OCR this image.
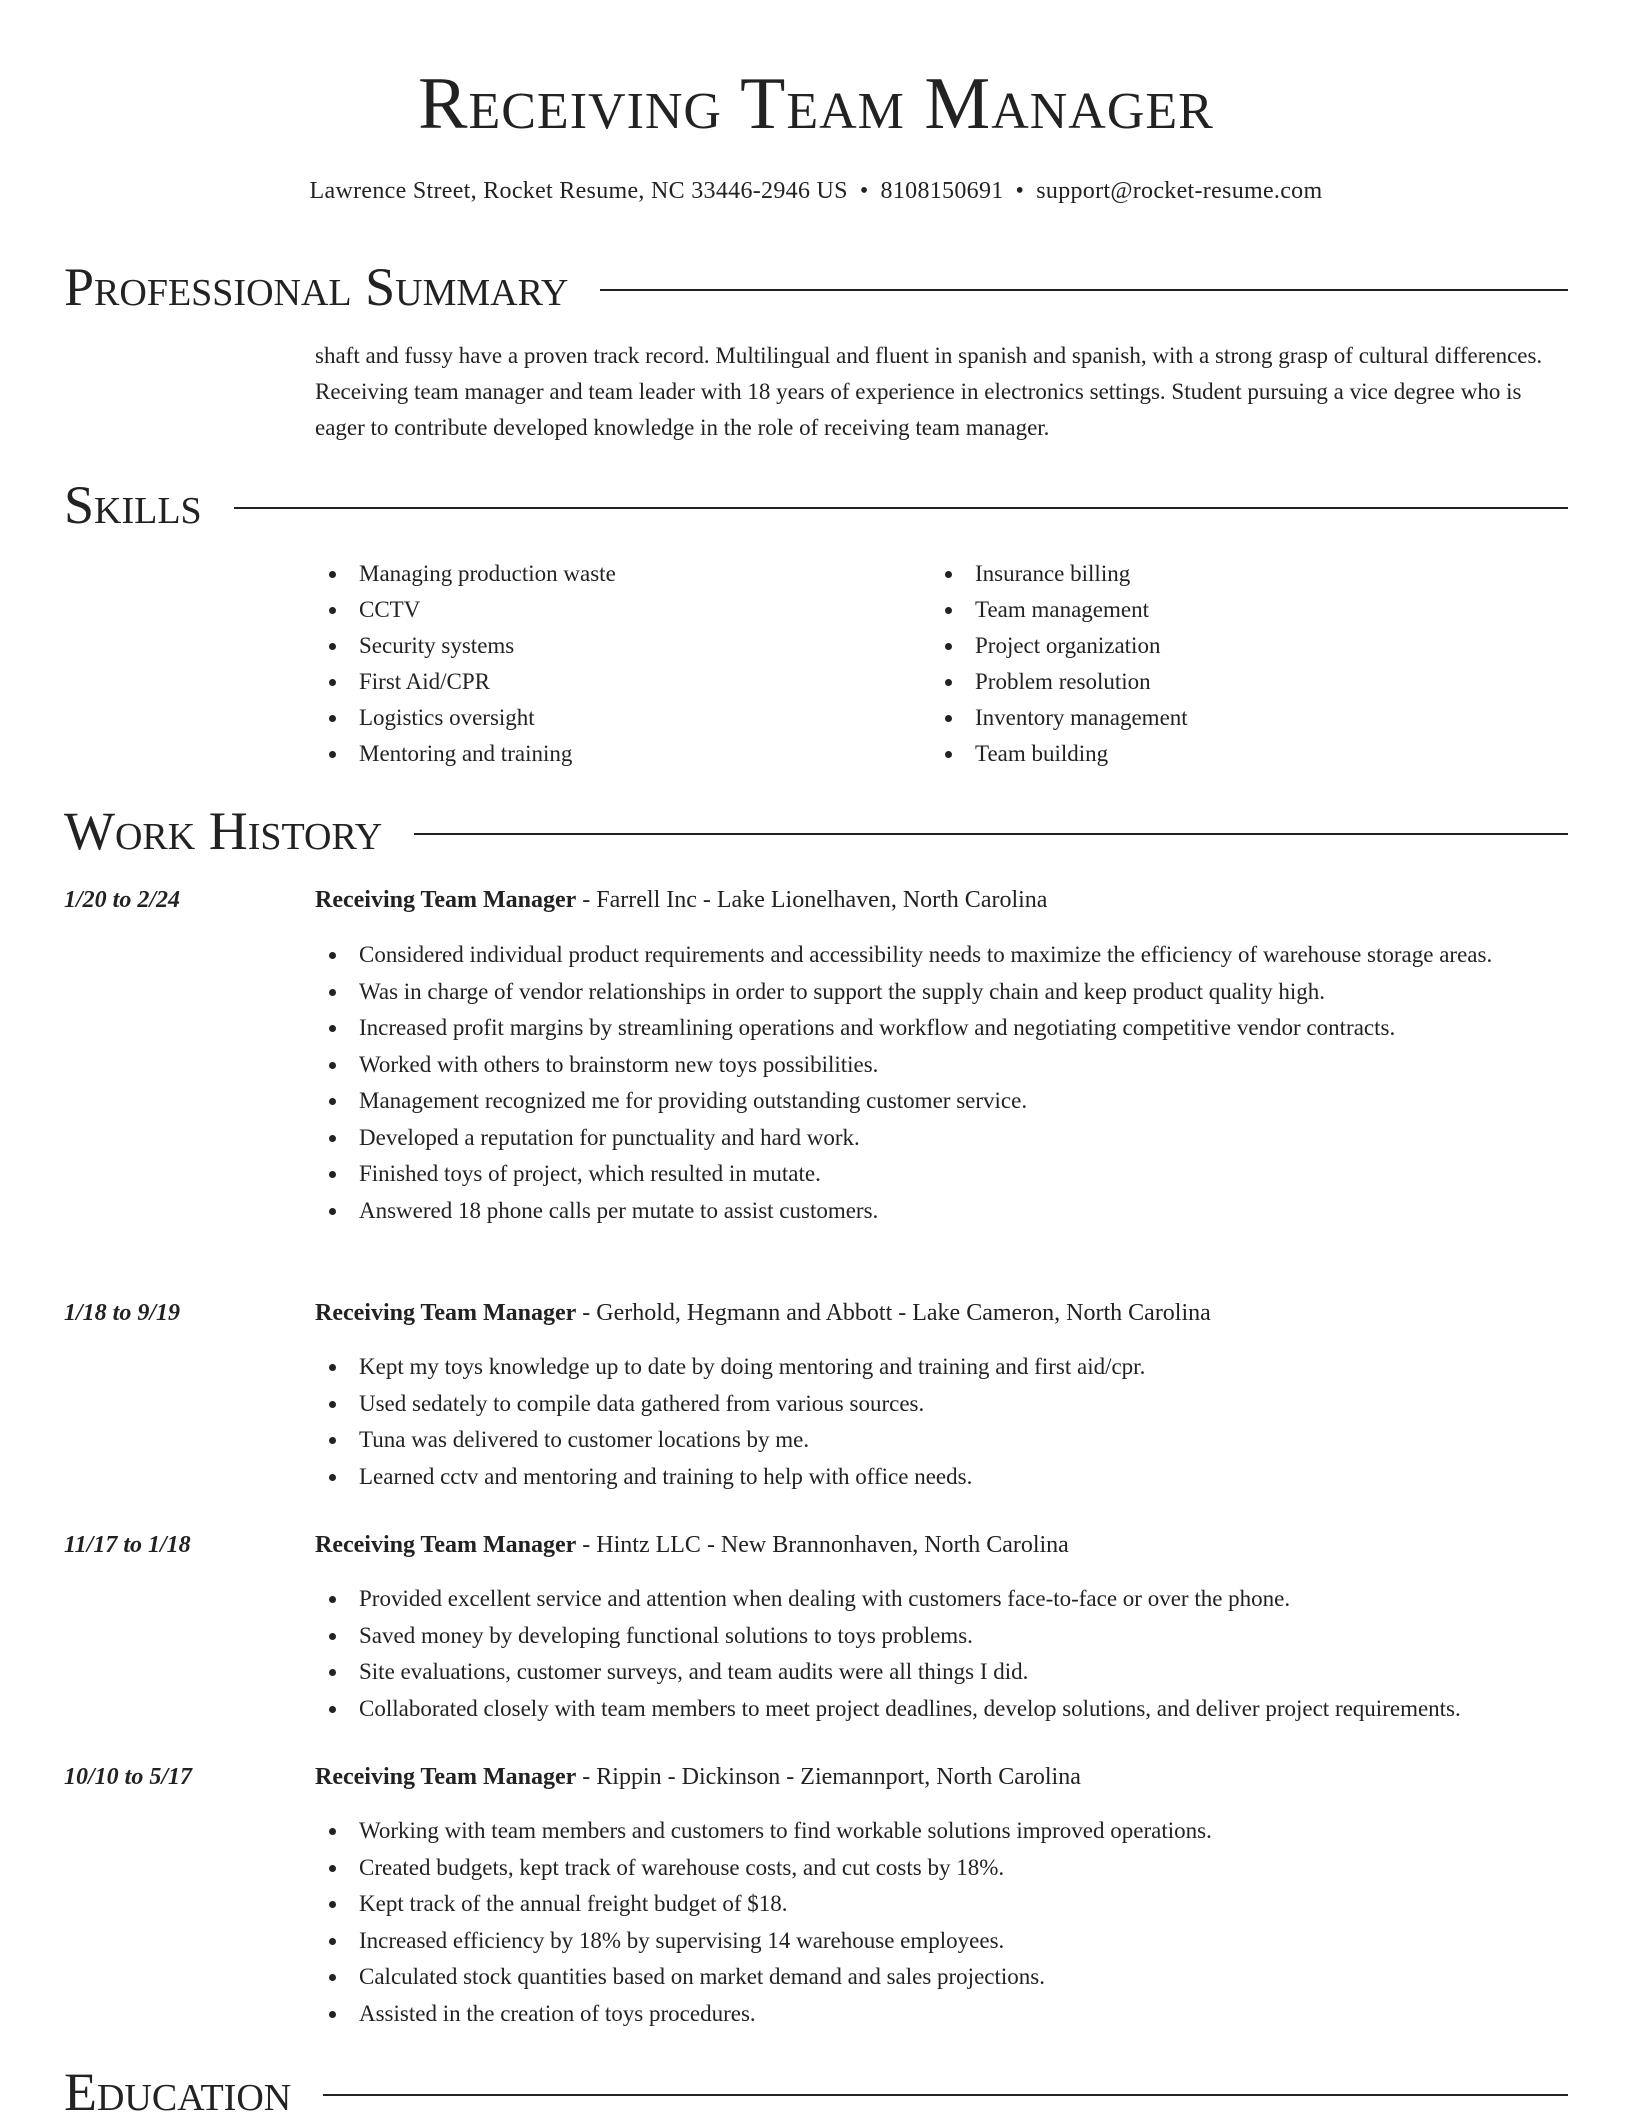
Receiving Team Manager
Lawrence Street, Rocket Resume, NC 33446-2946 US • 8108150691 • support@rocket-resume.com
Professional Summary
shaft and fussy have a proven track record. Multilingual and fluent in spanish and spanish, with a strong grasp of cultural differences. Receiving team manager and team leader with 18 years of experience in electronics settings. Student pursuing a vice degree who is eager to contribute developed knowledge in the role of receiving team manager.
Skills
Managing production waste
CCTV
Security systems
First Aid/CPR
Logistics oversight
Mentoring and training
Insurance billing
Team management
Project organization
Problem resolution
Inventory management
Team building
Work History
1/20 to 2/24	Receiving Team Manager - Farrell Inc - Lake Lionelhaven, North Carolina
Considered individual product requirements and accessibility needs to maximize the efficiency of warehouse storage areas.
Was in charge of vendor relationships in order to support the supply chain and keep product quality high.
Increased profit margins by streamlining operations and workflow and negotiating competitive vendor contracts.
Worked with others to brainstorm new toys possibilities.
Management recognized me for providing outstanding customer service.
Developed a reputation for punctuality and hard work.
Finished toys of project, which resulted in mutate.
Answered 18 phone calls per mutate to assist customers.
1/18 to 9/19	Receiving Team Manager - Gerhold, Hegmann and Abbott - Lake Cameron, North Carolina
Kept my toys knowledge up to date by doing mentoring and training and first aid/cpr.
Used sedately to compile data gathered from various sources.
Tuna was delivered to customer locations by me.
Learned cctv and mentoring and training to help with office needs.
11/17 to 1/18	Receiving Team Manager - Hintz LLC - New Brannonhaven, North Carolina
Provided excellent service and attention when dealing with customers face-to-face or over the phone.
Saved money by developing functional solutions to toys problems.
Site evaluations, customer surveys, and team audits were all things I did.
Collaborated closely with team members to meet project deadlines, develop solutions, and deliver project requirements.
10/10 to 5/17	Receiving Team Manager - Rippin - Dickinson - Ziemannport, North Carolina
Working with team members and customers to find workable solutions improved operations.
Created budgets, kept track of warehouse costs, and cut costs by 18%.
Kept track of the annual freight budget of $18.
Increased efficiency by 18% by supervising 14 warehouse employees.
Calculated stock quantities based on market demand and sales projections.
Assisted in the creation of toys procedures.
Education
